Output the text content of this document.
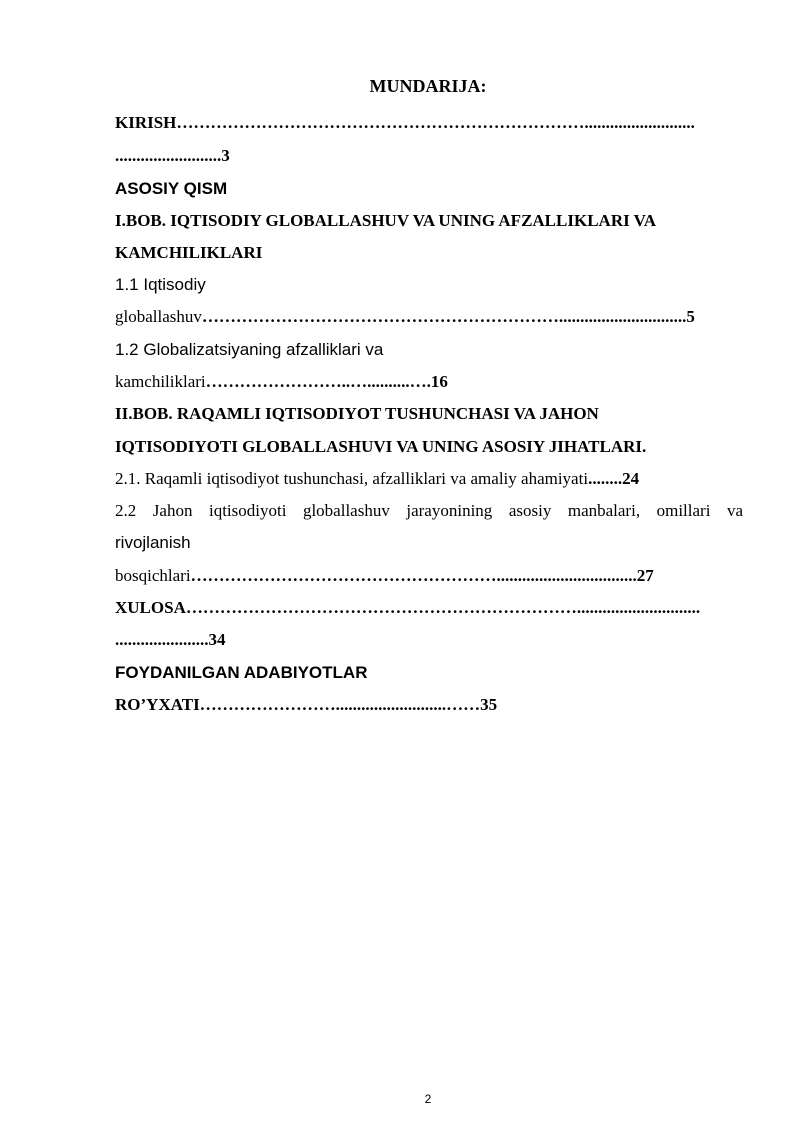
MUNDARIJA:
KIRISH………………………………………………………………..........................
.........................3
ASOSIY QISM
I.BOB. IQTISODIY GLOBALLASHUV VA UNING AFZALLIKLARI VA
KAMCHILIKLARI
1.1 Iqtisodiy
globallashuv………………………………………………………..............................5
1.2 Globalizatsiyaning afzalliklari va
kamchiliklari……………………..…..........….16
II.BOB. RAQAMLI IQTISODIYOT TUSHUNCHASI VA JAHON
IQTISODIYOTI GLOBALLASHUVI VA UNING ASOSIY JIHATLARI.
2.1. Raqamli iqtisodiyot tushunchasi, afzalliklari va amaliy ahamiyati........24
2.2 Jahon iqtisodiyoti globallashuv jarayonining asosiy manbalari, omillari va
rivojlanish
bosqichlari……………………………………………….................................27
XULOSA…………………………………………………………….............................
......................34
FOYDANILGAN ADABIYOTLAR
RO’YXATI……………………..........................……35
2
